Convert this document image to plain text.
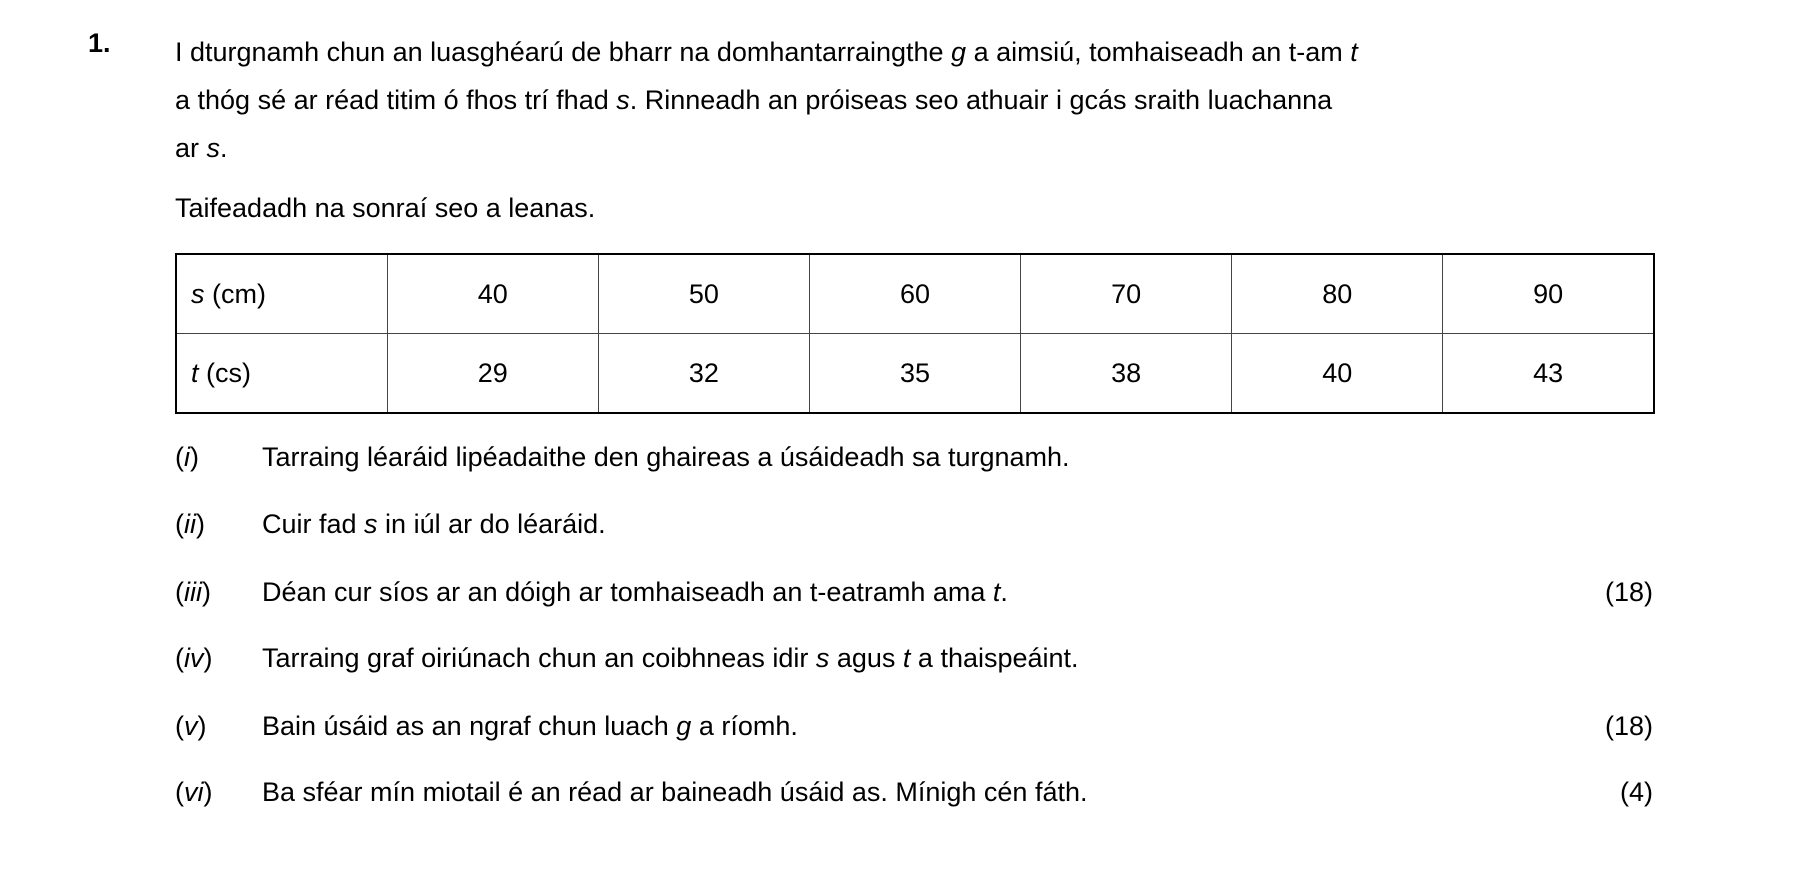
1. I dturgnamh chun an luasghéarú de bharr na domhantarraingthe g a aimsiú, tomhaiseadh an t-am t
a thóg sé ar réad titim ó fhos trí fhad s. Rinneadh an próiseas seo athuair i gcás sraith luachanna
ar s.
Taifeadadh na sonraí seo a leanas.
s (cm)	40	50	60	70	80	90
t (cs)	29	32	35	38	40	43
(i) Tarraing léaráid lipéadaithe den ghaireas a úsáideadh sa turgnamh.
(ii) Cuir fad s in iúl ar do léaráid.
(iii) Déan cur síos ar an dóigh ar tomhaiseadh an t-eatramh ama t.	(18)
(iv) Tarraing graf oiriúnach chun an coibhneas idir s agus t a thaispeáint.
(v) Bain úsáid as an ngraf chun luach g a ríomh.	(18)
(vi) Ba sféar mín miotail é an réad ar baineadh úsáid as. Mínigh cén fáth.	(4)
